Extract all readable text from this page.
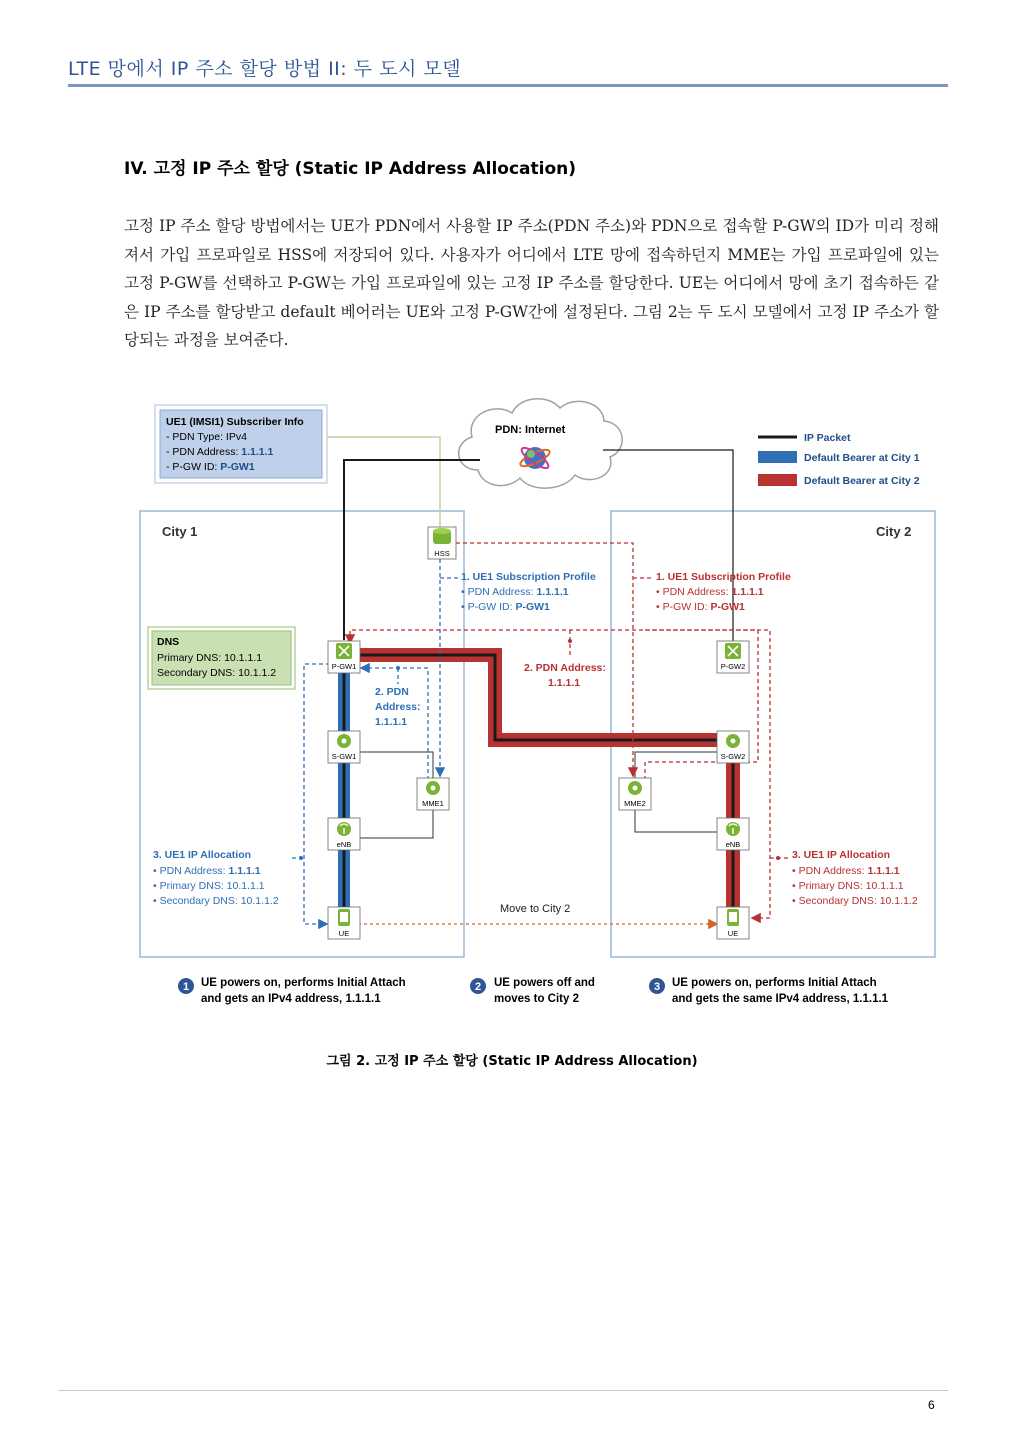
LTE 망에서 IP 주소 할당 방법 II: 두 도시 모델
IV. 고정 IP 주소 할당 (Static IP Address Allocation)

고정 IP 주소 할당 방법에서는 UE가 PDN에서 사용할 IP 주소(PDN 주소)와 PDN으로 접속할 P-GW의 ID가 미리 정해져서 가입 프로파일로 HSS에 저장되어 있다. 사용자가 어디에서 LTE 망에 접속하던지 MME는 가입 프로파일에 있는 고정 P-GW를 선택하고 P-GW는 가입 프로파일에 있는 고정 IP 주소를 할당한다. UE는 어디에서 망에 초기 접속하든 같은 IP 주소를 할당받고 default 베어러는 UE와 고정 P-GW간에 설정된다. 그림 2는 두 도시 모델에서 고정 IP 주소가 할당되는 과정을 보여준다.

City 1	City 2
UE1 (IMSI1) Subscriber Info
- PDN Type: IPv4
- PDN Address: 1.1.1.1
- P-GW ID: P-GW1
PDN: Internet
IP Packet
Default Bearer at City 1
Default Bearer at City 2
Move to City 2
DNS
Primary DNS: 10.1.1.1
Secondary DNS: 10.1.1.2
1. UE1 Subscription Profile
• PDN Address: 1.1.1.1
• P-GW ID: P-GW1
1. UE1 Subscription Profile
• PDN Address: 1.1.1.1
• P-GW ID: P-GW1
2. PDN
Address:
1.1.1.1
2. PDN Address:
1.1.1.1
3. UE1 IP Allocation
• PDN Address: 1.1.1.1
• Primary DNS: 10.1.1.1
• Secondary DNS: 10.1.1.2
3. UE1 IP Allocation
• PDN Address: 1.1.1.1
• Primary DNS: 10.1.1.1
• Secondary DNS: 10.1.1.2
HSS
P-GW1	P-GW2
S-GW1	S-GW2
MME1	MME2
eNB	eNB
UE	UE
1 UE powers on, performs Initial Attach
and gets an IPv4 address, 1.1.1.1
2 UE powers off and
moves to City 2
3 UE powers on, performs Initial Attach
and gets the same IPv4 address, 1.1.1.1
그림 2. 고정 IP 주소 할당 (Static IP Address Allocation)
6
